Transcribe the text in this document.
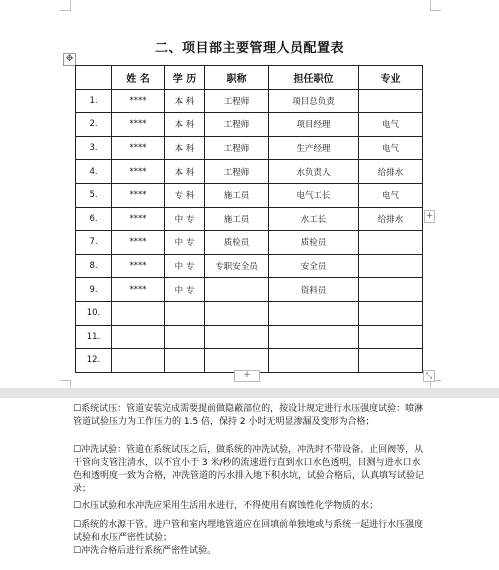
二、项目部主要管理人员配置表
✥
	姓 名	学 历	职称	担任职位	专业
1.	****	本 科	工程师	项目总负责	
2.	****	本 科	工程师	项目经理	电气
3.	****	本 科	工程师	生产经理	电气
4.	****	本 科	工程师	水负责人	给排水
5.	****	专 科	施工员	电气工长	电气
6.	****	中 专	施工员	水工长	给排水
7.	****	中 专	质检员	质检员	
8.	****	中 专	专职安全员	安全员	
9.	****	中 专		资料员	
10.					
11.					
12.					
+
+	⤡
☐系统试压：管道安装完成需要提前做隐蔽部位的，按设计规定进行水压强度试验：喷淋管道试验压力为工作压力的 1.5 倍，保持 2 小时无明显渗漏及变形为合格；
☐冲洗试验：管道在系统试压之后，做系统的冲洗试验，冲洗时不带设备、止回阀等，从干管向支管注清水，以不宜小于 3 米/秒的流速进行直到水口水色透明，目测与进水口水色和透明度一致为合格，冲洗管道的污水排入地下积水坑，试验合格后，认真填写试验记录；
☐水压试验和水冲洗应采用生活用水进行，不得使用有腐蚀性化学物质的水；
☐系统的水源干管、进户管和室内埋地管道应在回填前单独地或与系统一起进行水压强度试验和水压严密性试验；
☐冲洗合格后进行系统严密性试验。
